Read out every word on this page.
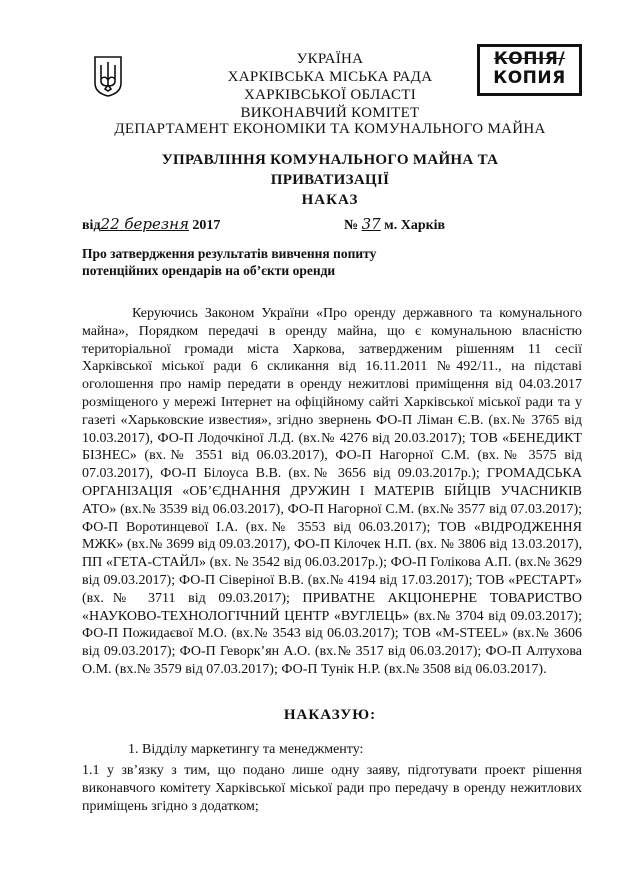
КОПІЯ/
КОПИЯ
УКРАЇНА
ХАРКІВСЬКА МІСЬКА РАДА
ХАРКІВСЬКОЇ ОБЛАСТІ
ВИКОНАВЧИЙ КОМІТЕТ
ДЕПАРТАМЕНТ ЕКОНОМІКИ ТА КОМУНАЛЬНОГО МАЙНА
УПРАВЛІННЯ КОМУНАЛЬНОГО МАЙНА ТА
ПРИВАТИЗАЦІЇ
НАКАЗ
від22 березня 2017	№ 37 м. Харків
Про затвердження результатів вивчення попиту потенційних орендарів на об’єкти оренди
Керуючись Законом України «Про оренду державного та комунального майна», Порядком передачі в оренду майна, що є комунальною власністю територіальної громади міста Харкова, затвердженим рішенням 11 сесії Харківської міської ради 6 скликання від 16.11.2011 №492/11., на підставі оголошення про намір передати в оренду нежитлові приміщення від 04.03.2017 розміщеного у мережі Інтернет на офіційному сайті Харківської міської ради та у газеті «Харьковские известия», згідно звернень ФО-П Ліман Є.В. (вх.№ 3765 від 10.03.2017), ФО-П Лодочкіної Л.Д. (вх.№ 4276 від 20.03.2017); ТОВ «БЕНЕДИКТ БІЗНЕС» (вх.№ 3551 від 06.03.2017), ФО-П Нагорної С.М. (вх.№ 3575 від 07.03.2017), ФО-П Білоуса В.В. (вх.№ 3656 від 09.03.2017р.); ГРОМАДСЬКА ОРГАНІЗАЦІЯ «ОБ’ЄДНАННЯ ДРУЖИН І МАТЕРІВ БІЙЦІВ УЧАСНИКІВ АТО» (вх.№ 3539 від 06.03.2017), ФО-П Нагорної С.М. (вх.№ 3577 від 07.03.2017); ФО-П Воротинцевої І.А. (вх.№ 3553 від 06.03.2017); ТОВ «ВІДРОДЖЕННЯ МЖК» (вх.№ 3699 від 09.03.2017), ФО-П Кілочек Н.П. (вх. № 3806 від 13.03.2017), ПП «ГЕТА-СТАЙЛ» (вх. № 3542 від 06.03.2017р.); ФО-П Голікова А.П. (вх.№ 3629 від 09.03.2017); ФО-П Сіверіної В.В. (вх.№ 4194 від 17.03.2017); ТОВ «РЕСТАРТ» (вх.№ 3711 від 09.03.2017); ПРИВАТНЕ АКЦІОНЕРНЕ ТОВАРИСТВО «НАУКОВО-ТЕХНОЛОГІЧНИЙ ЦЕНТР «ВУГЛЕЦЬ» (вх.№ 3704 від 09.03.2017); ФО-П Пожидаєвої М.О. (вх.№ 3543 від 06.03.2017); ТОВ «M-STEEL» (вх.№ 3606 від 09.03.2017); ФО-П Геворк’ян А.О. (вх.№ 3517 від 06.03.2017); ФО-П Алтухова О.М. (вх.№ 3579 від 07.03.2017); ФО-П Тунік Н.Р. (вх.№ 3508 від 06.03.2017).
НАКАЗУЮ:
1. Відділу маркетингу та менеджменту:
1.1 у зв’язку з тим, що подано лише одну заяву, підготувати проект рішення виконавчого комітету Харківської міської ради про передачу в оренду нежитлових приміщень згідно з додатком;
